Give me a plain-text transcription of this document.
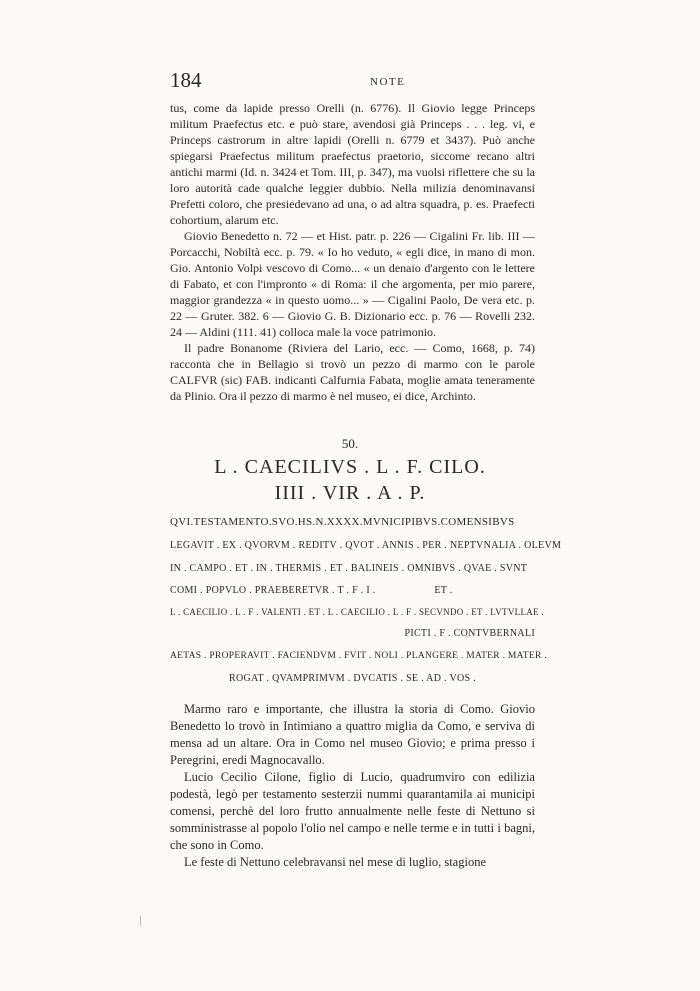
184	NOTE

tus, come da lapide presso Orelli (n. 6776). Il Giovio legge Princeps militum Praefectus etc. e può stare, avendosi già Princeps . . . leg. vi, e Princeps castrorum in altre lapidi (Orelli n. 6779 et 3437). Può anche spiegarsi Praefectus militum praefectus praetorio, siccome recano altri antichi marmi (Id. n. 3424 et Tom. III, p. 347), ma vuolsi riflettere che su la loro autorità cade qualche leggier dubbio. Nella milizia denominavansi Prefetti coloro, che presiedevano ad una, o ad altra squadra, p. es. Praefecti cohortium, alarum etc.

Giovio Benedetto n. 72 — et Hist. patr. p. 226 — Cigalini Fr. lib. III — Porcacchi, Nobiltà ecc. p. 79. « Io ho veduto, « egli dice, in mano di mon. Gio. Antonio Volpi vescovo di Como... « un denaio d'argento con le lettere di Fabato, et con l'impronto « di Roma: il che argomenta, per mio parere, maggior grandezza « in questo uomo... » — Cigalini Paolo, De vera etc. p. 22 — Gruter. 382. 6 — Giovio G. B. Dizionario ecc. p. 76 — Rovelli 232. 24 — Aldini (111. 41) colloca male la voce patrimonio.

Il padre Bonanome (Riviera del Lario, ecc. — Como, 1668, p. 74) racconta che in Bellagio si trovò un pezzo di marmo con le parole CALFVR (sic) FAB. indicanti Calfurnia Fabata, moglie amata teneramente da Plinio. Ora il pezzo di marmo è nel museo, ei dice, Archinto.

50.
L . CAECILIVS . L . F. CILO.
IIII . VIR . A . P.
QVI.TESTAMENTO.SVO.HS.N.XXXX.MVNICIPIBVS.COMENSIBVS
LEGAVIT . EX . QVORVM . REDITV . QVOT . ANNIS . PER . NEPTVNALIA . OLEVM
IN . CAMPO . ET . IN . THERMIS . ET . BALINEIS . OMNIBVS . QVAE . SVNT
COMI . POPVLO . PRAEBERETVR . T . F . I .                     ET .
L . CAECILIO . L . F . VALENTI . ET . L . CAECILIO . L . F . SECVNDO . ET . LVTVLLAE .
PICTI . F . CONTVBERNALI
AETAS . PROPERAVIT . FACIENDVM . FVIT . NOLI . PLANGERE . MATER . MATER .
ROGAT . QVAMPRIMVM . DVCATIS . SE . AD . VOS .

Marmo raro e importante, che illustra la storia di Como. Giovio Benedetto lo trovò in Intimiano a quattro miglia da Como, e serviva di mensa ad un altare. Ora in Como nel museo Giovio; e prima presso i Peregrini, eredi Magnocavallo.

Lucio Cecilio Cilone, figlio di Lucio, quadrumviro con edilizia podestà, legò per testamento sesterzii nummi quarantamila ai municipi comensi, perchè del loro frutto annualmente nelle feste di Nettuno si somministrasse al popolo l'olio nel campo e nelle terme e in tutti i bagni, che sono in Como.

Le feste di Nettuno celebravansi nel mese di luglio, stagione
